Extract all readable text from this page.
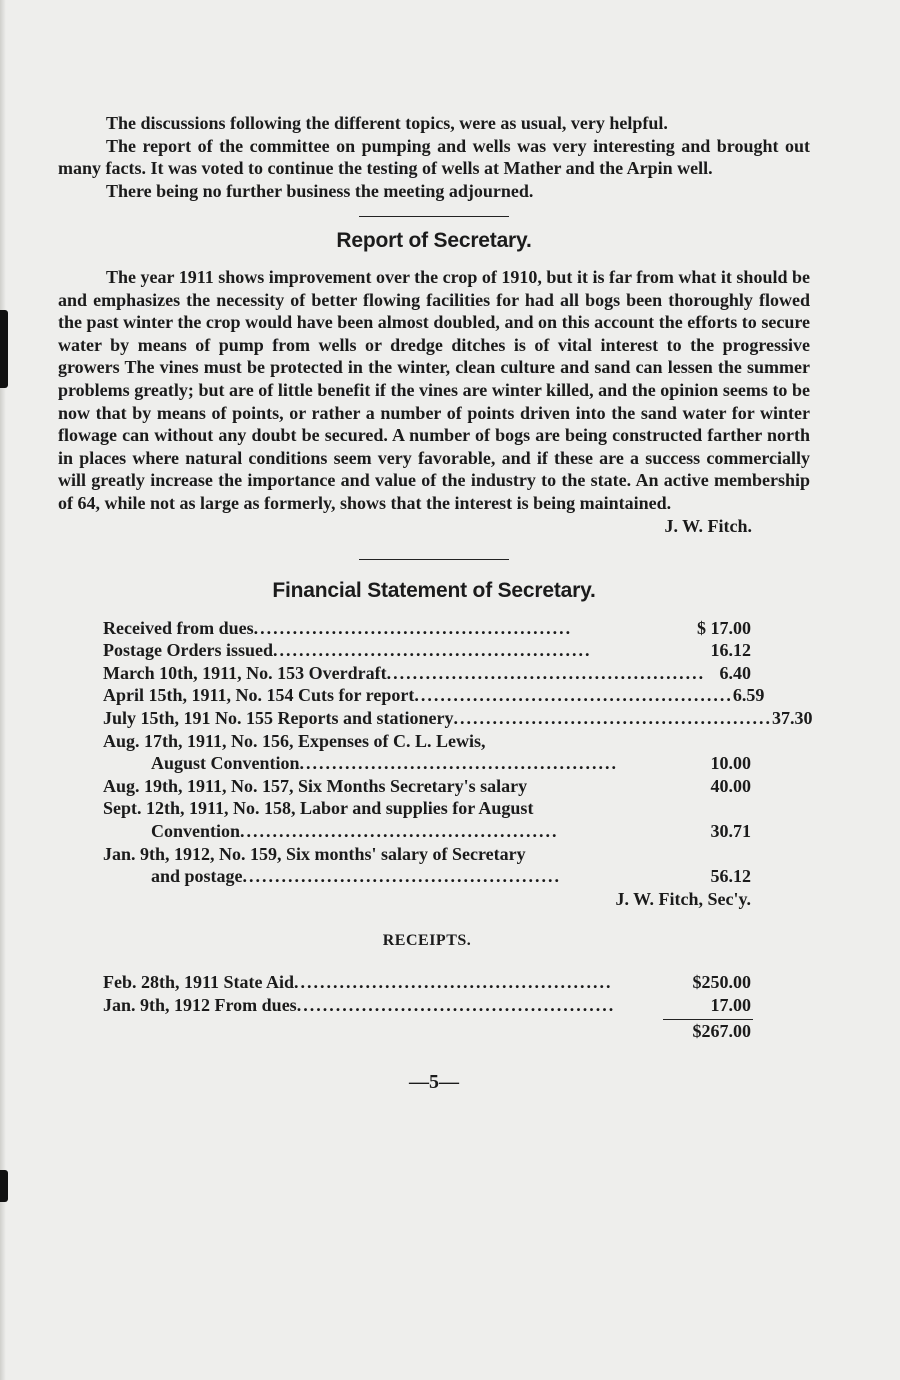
The discussions following the different topics, were as usual, very helpful.

The report of the committee on pumping and wells was very interesting and brought out many facts. It was voted to continue the testing of wells at Mather and the Arpin well.

There being no further business the meeting adjourned.

Report of Secretary.

The year 1911 shows improvement over the crop of 1910, but it is far from what it should be and emphasizes the necessity of better flowing facilities for had all bogs been thoroughly flowed the past winter the crop would have been almost doubled, and on this account the efforts to secure water by means of pump from wells or dredge ditches is of vital interest to the progressive growers The vines must be protected in the winter, clean culture and sand can lessen the summer problems greatly; but are of little benefit if the vines are winter killed, and the opinion seems to be now that by means of points, or rather a number of points driven into the sand water for winter flowage can without any doubt be secured. A number of bogs are being constructed farther north in places where natural conditions seem very favorable, and if these are a success commercially will greatly increase the importance and value of the industry to the state. An active membership of 64, while not as large as formerly, shows that the interest is being maintained.

J. W. Fitch.
Financial Statement of Secretary.
Received from dues .................................................	$ 17.00
Postage Orders issued .................................................	16.12
March 10th, 1911, No. 153 Overdraft ................................................. 6.40
April 15th, 1911, No. 154 Cuts for report ................................................. 6.59
July 15th, 191 No. 155 Reports and stationery ................................................. 37.30
Aug. 17th, 1911, No. 156, Expenses of C. L. Lewis,
August Convention .................................................	10.00
Aug. 19th, 1911, No. 157, Six Months Secretary's salary	40.00
Sept. 12th, 1911, No. 158, Labor and supplies for August
Convention .................................................	30.71
Jan. 9th, 1912, No. 159, Six months' salary of Secretary
and postage .................................................	56.12
J. W. Fitch, Sec'y.
RECEIPTS.
Feb. 28th, 1911 State Aid .................................................	$250.00
Jan. 9th, 1912 From dues .................................................	17.00
$267.00
—5—
